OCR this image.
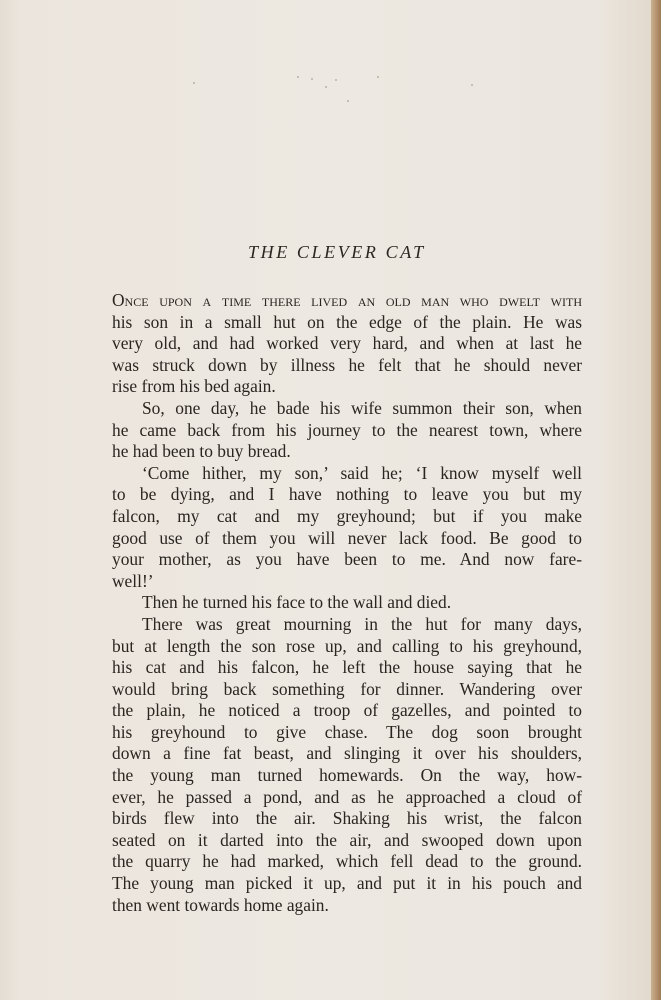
THE CLEVER CAT
Once upon a time there lived an old man who dwelt with
his son in a small hut on the edge of the plain. He was
very old, and had worked very hard, and when at last he
was struck down by illness he felt that he should never
rise from his bed again.
So, one day, he bade his wife summon their son, when
he came back from his journey to the nearest town, where
he had been to buy bread.
‘Come hither, my son,’ said he; ‘I know myself well
to be dying, and I have nothing to leave you but my
falcon, my cat and my greyhound; but if you make
good use of them you will never lack food. Be good to
your mother, as you have been to me. And now fare-
well!’
Then he turned his face to the wall and died.
There was great mourning in the hut for many days,
but at length the son rose up, and calling to his greyhound,
his cat and his falcon, he left the house saying that he
would bring back something for dinner. Wandering over
the plain, he noticed a troop of gazelles, and pointed to
his greyhound to give chase. The dog soon brought
down a fine fat beast, and slinging it over his shoulders,
the young man turned homewards. On the way, how-
ever, he passed a pond, and as he approached a cloud of
birds flew into the air. Shaking his wrist, the falcon
seated on it darted into the air, and swooped down upon
the quarry he had marked, which fell dead to the ground.
The young man picked it up, and put it in his pouch and
then went towards home again.
